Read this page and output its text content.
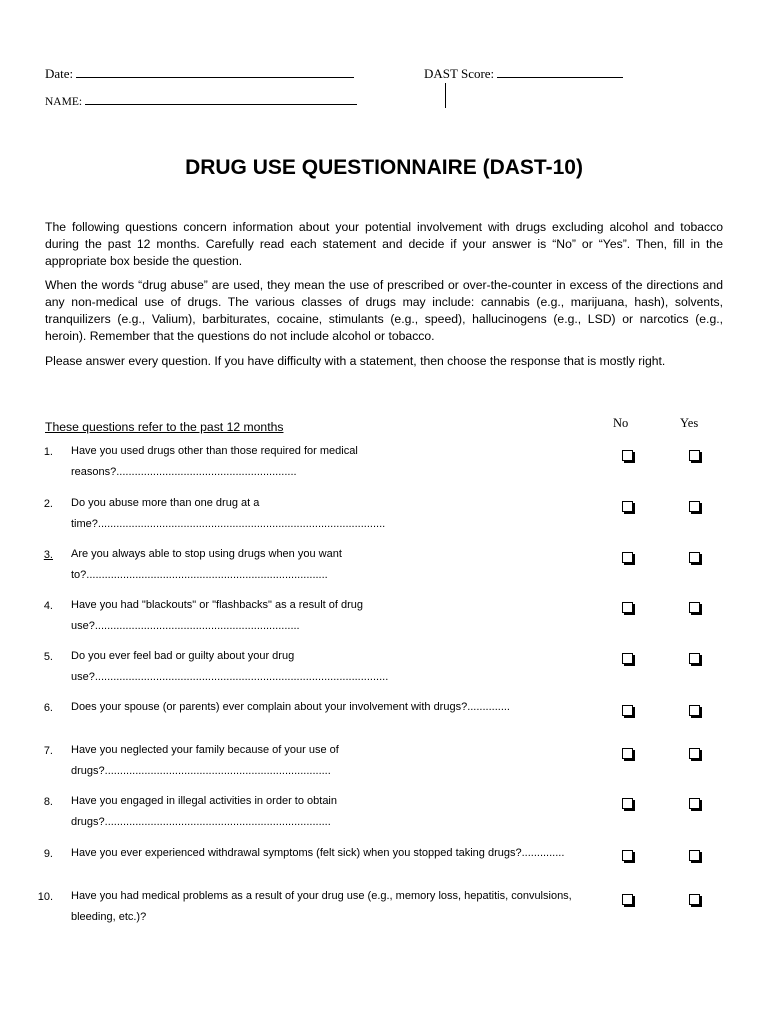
Date:
NAME:
DAST Score:
DRUG USE QUESTIONNAIRE (DAST-10)

The following questions concern information about your potential involvement with drugs excluding alcohol and tobacco during the past 12 months. Carefully read each statement and decide if your answer is “No” or “Yes”. Then, fill in the appropriate box beside the question.

When the words “drug abuse” are used, they mean the use of prescribed or over-the-counter in excess of the directions and any non-medical use of drugs. The various classes of drugs may include: cannabis (e.g., marijuana, hash), solvents, tranquilizers (e.g., Valium), barbiturates, cocaine, stimulants (e.g., speed), hallucinogens (e.g., LSD) or narcotics (e.g., heroin). Remember that the questions do not include alcohol or tobacco.

Please answer every question. If you have difficulty with a statement, then choose the response that is mostly right.

These questions refer to the past 12 months	No	Yes
1. Have you used drugs other than those required for medical
reasons?...........................................................
2. Do you abuse more than one drug at a
time?..............................................................................................
3. Are you always able to stop using drugs when you want
to?...............................................................................
4. Have you had "blackouts" or "flashbacks" as a result of drug
use?...................................................................
5. Do you ever feel bad or guilty about your drug
use?................................................................................................
6. Does your spouse (or parents) ever complain about your involvement with drugs?..............
7. Have you neglected your family because of your use of
drugs?..........................................................................
8. Have you engaged in illegal activities in order to obtain
drugs?..........................................................................
9. Have you ever experienced withdrawal symptoms (felt sick) when you stopped taking drugs?..............
10. Have you had medical problems as a result of your drug use (e.g., memory loss, hepatitis, convulsions,
bleeding, etc.)?
